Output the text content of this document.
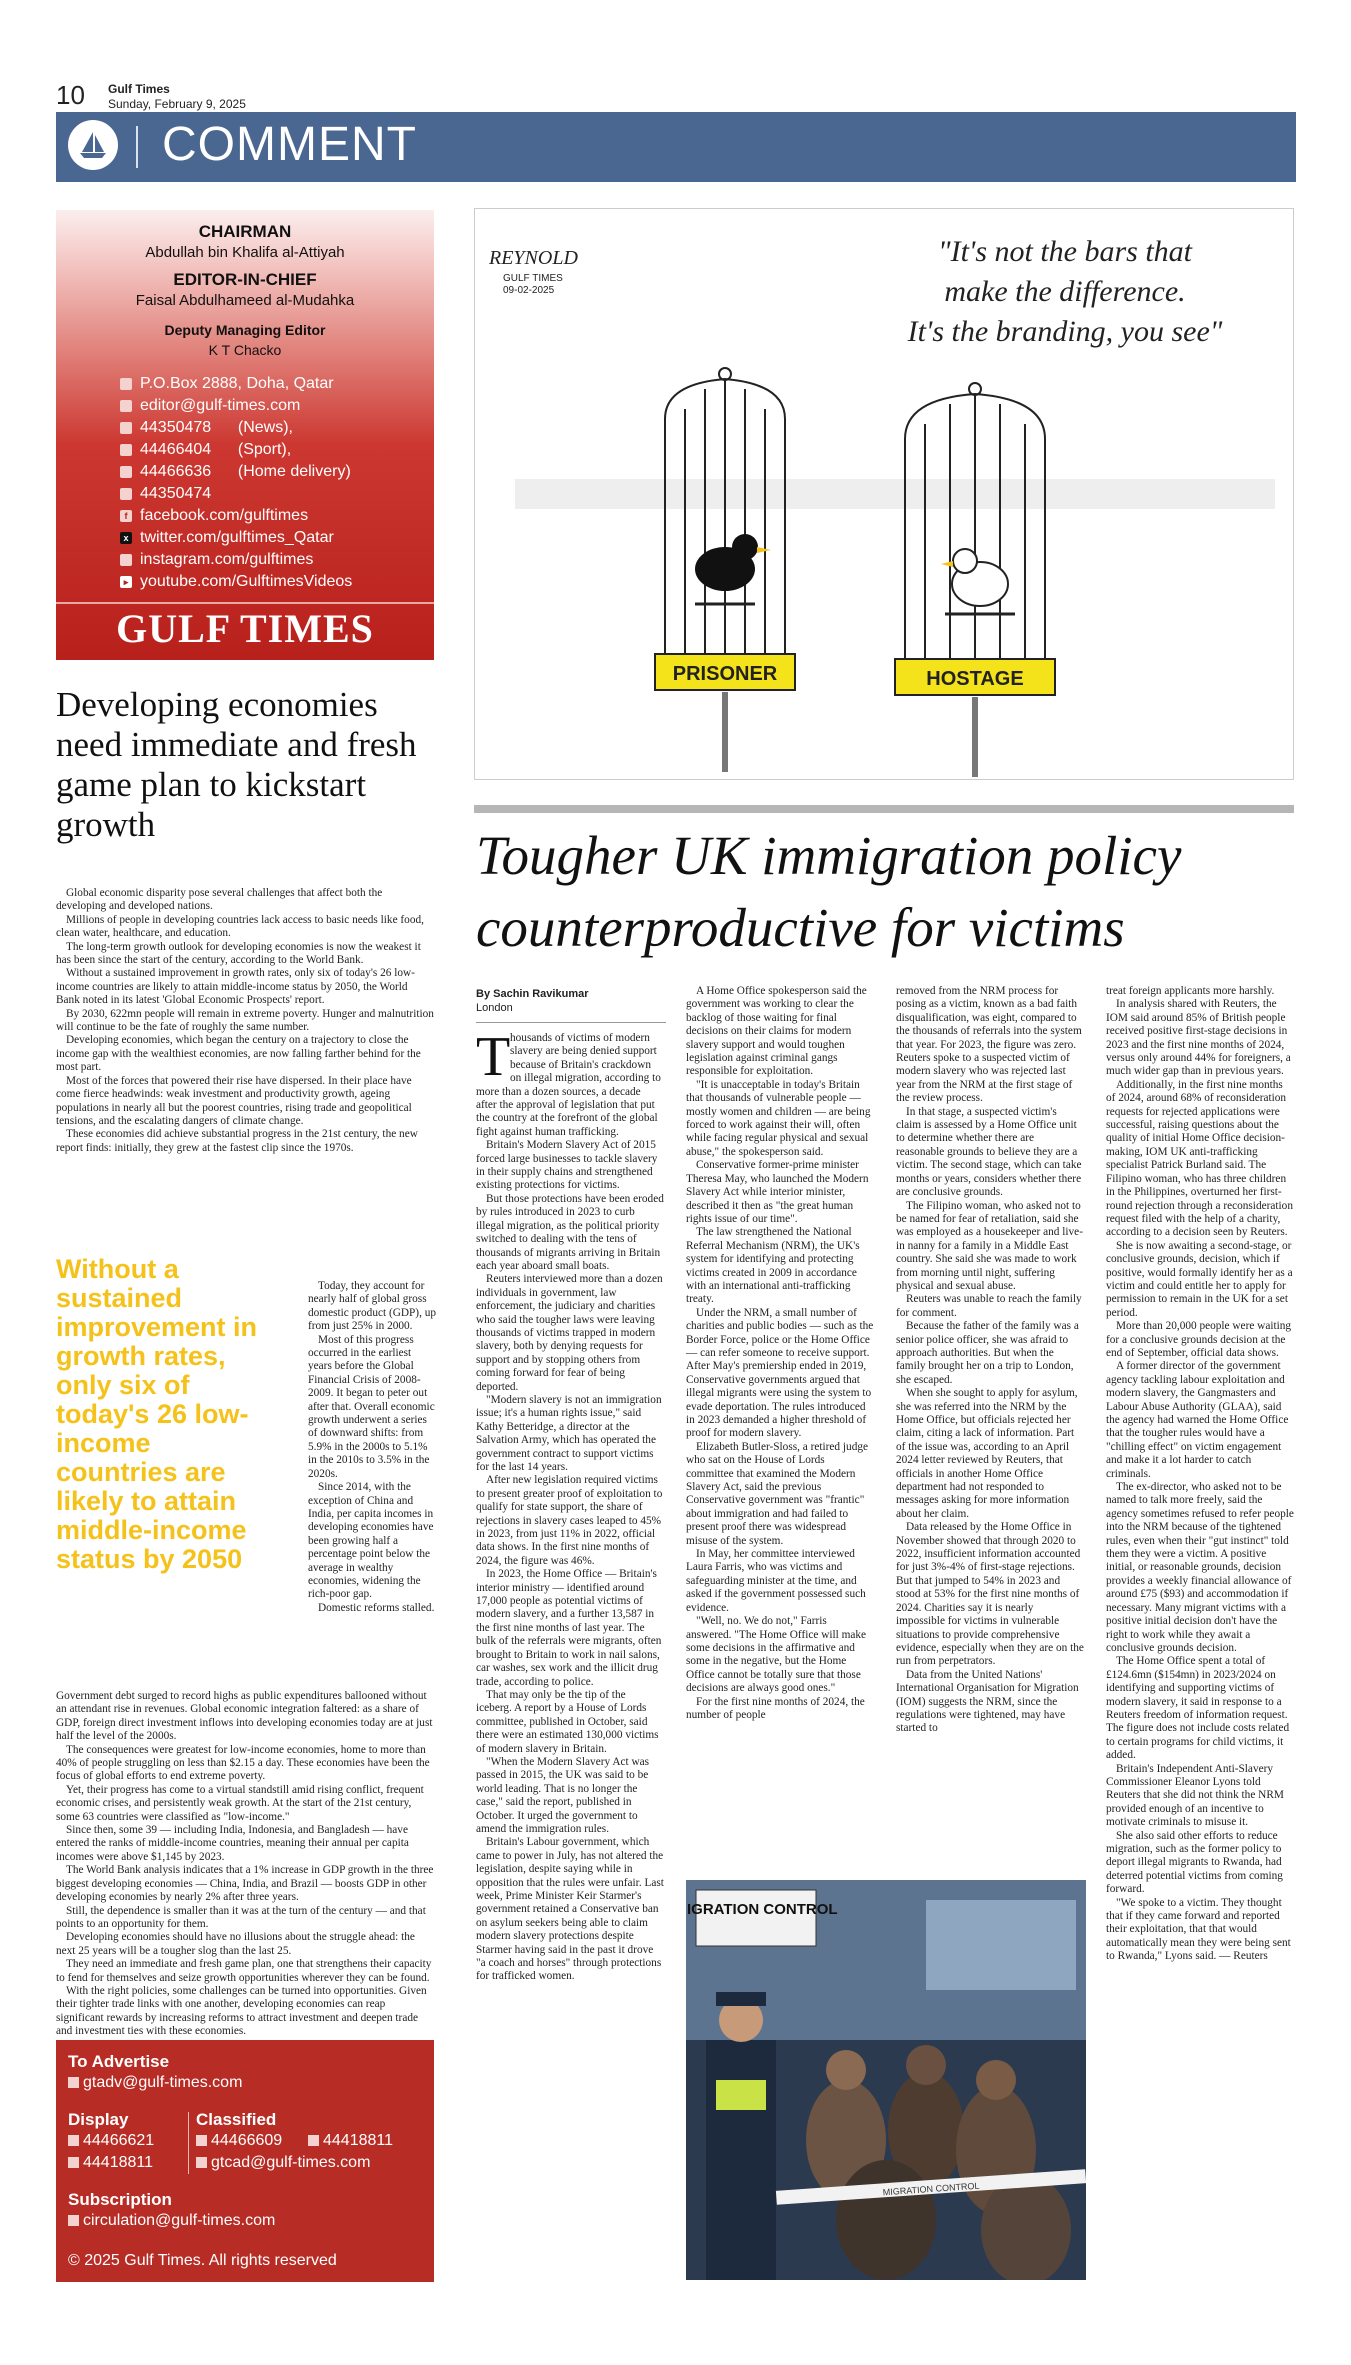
10 Gulf Times
Sunday, February 9, 2025
COMMENT
CHAIRMAN
Abdullah bin Khalifa al-Attiyah
EDITOR-IN-CHIEF
Faisal Abdulhameed al-Mudahka
Deputy Managing Editor
K T Chacko
P.O.Box 2888, Doha, Qatar
editor@gulf-times.com
44350478      (News),
44466404      (Sport),
44466636      (Home delivery)
44350474
f facebook.com/gulftimes
x twitter.com/gulftimes_Qatar
instagram.com/gulftimes
▸ youtube.com/GulftimesVideos
GULF TIMES
Developing economies need immediate and fresh game plan to kickstart growth

Global economic disparity pose several challenges that affect both the developing and developed nations.

Millions of people in developing countries lack access to basic needs like food, clean water, healthcare, and education.

The long-term growth outlook for developing economies is now the weakest it has been since the start of the century, according to the World Bank.

Without a sustained improvement in growth rates, only six of today's 26 low-income countries are likely to attain middle-income status by 2050, the World Bank noted in its latest 'Global Economic Prospects' report.

By 2030, 622mn people will remain in extreme poverty. Hunger and malnutrition will continue to be the fate of roughly the same number.

Developing economies, which began the century on a trajectory to close the income gap with the wealthiest economies, are now falling farther behind for the most part.

Most of the forces that powered their rise have dispersed. In their place have come fierce headwinds: weak investment and productivity growth, ageing populations in nearly all but the poorest countries, rising trade and geopolitical tensions, and the escalating dangers of climate change.

These economies did achieve substantial progress in the 21st century, the new report finds: initially, they grew at the fastest clip since the 1970s.

Without a sustained improvement in growth rates, only six of today's 26 low-income countries are likely to attain middle-income status by 2050

Today, they account for nearly half of global gross domestic product (GDP), up from just 25% in 2000.

Most of this progress occurred in the earliest years before the Global Financial Crisis of 2008-2009. It began to peter out after that. Overall economic growth underwent a series of downward shifts: from 5.9% in the 2000s to 5.1% in the 2010s to 3.5% in the 2020s.

Since 2014, with the exception of China and India, per capita incomes in developing economies have been growing half a percentage point below the average in wealthy economies, widening the rich-poor gap.

Domestic reforms stalled.

Government debt surged to record highs as public expenditures ballooned without an attendant rise in revenues. Global economic integration faltered: as a share of GDP, foreign direct investment inflows into developing economies today are at just half the level of the 2000s.

The consequences were greatest for low-income economies, home to more than 40% of people struggling on less than $2.15 a day. These economies have been the focus of global efforts to end extreme poverty.

Yet, their progress has come to a virtual standstill amid rising conflict, frequent economic crises, and persistently weak growth. At the start of the 21st century, some 63 countries were classified as "low-income."

Since then, some 39 — including India, Indonesia, and Bangladesh — have entered the ranks of middle-income countries, meaning their annual per capita incomes were above $1,145 by 2023.

The World Bank analysis indicates that a 1% increase in GDP growth in the three biggest developing economies — China, India, and Brazil — boosts GDP in other developing economies by nearly 2% after three years.

Still, the dependence is smaller than it was at the turn of the century — and that points to an opportunity for them.

Developing economies should have no illusions about the struggle ahead: the next 25 years will be a tougher slog than the last 25.

They need an immediate and fresh game plan, one that strengthens their capacity to fend for themselves and seize growth opportunities wherever they can be found.

With the right policies, some challenges can be turned into opportunities. Given their tighter trade links with one another, developing economies can reap significant rewards by increasing reforms to attract investment and deepen trade and investment ties with these economies.

To Advertise
gtadv@gulf-times.com
Display
44466621
44418811
Classified
44466609	44418811
gtcad@gulf-times.com
Subscription
circulation@gulf-times.com
© 2025 Gulf Times. All rights reserved
REYNOLD
GULF TIMES
09-02-2025
"It's not the bars that
make the difference.
It's the branding, you see"
PRISONER	HOSTAGE
Tougher UK immigration policy counterproductive for victims
By Sachin Ravikumar
London
T housands of victims of modern slavery are being denied support because of Britain's crackdown on illegal migration, according to more than a dozen sources, a decade after the approval of legislation that put the country at the forefront of the global fight against human trafficking.

Britain's Modern Slavery Act of 2015 forced large businesses to tackle slavery in their supply chains and strengthened existing protections for victims.

But those protections have been eroded by rules introduced in 2023 to curb illegal migration, as the political priority switched to dealing with the tens of thousands of migrants arriving in Britain each year aboard small boats.

Reuters interviewed more than a dozen individuals in government, law enforcement, the judiciary and charities who said the tougher laws were leaving thousands of victims trapped in modern slavery, both by denying requests for support and by stopping others from coming forward for fear of being deported.

"Modern slavery is not an immigration issue; it's a human rights issue," said Kathy Betteridge, a director at the Salvation Army, which has operated the government contract to support victims for the last 14 years.

After new legislation required victims to present greater proof of exploitation to qualify for state support, the share of rejections in slavery cases leaped to 45% in 2023, from just 11% in 2022, official data shows. In the first nine months of 2024, the figure was 46%.

In 2023, the Home Office — Britain's interior ministry — identified around 17,000 people as potential victims of modern slavery, and a further 13,587 in the first nine months of last year. The bulk of the referrals were migrants, often brought to Britain to work in nail salons, car washes, sex work and the illicit drug trade, according to police.

That may only be the tip of the iceberg. A report by a House of Lords committee, published in October, said there were an estimated 130,000 victims of modern slavery in Britain.

"When the Modern Slavery Act was passed in 2015, the UK was said to be world leading. That is no longer the case," said the report, published in October. It urged the government to amend the immigration rules.

Britain's Labour government, which came to power in July, has not altered the legislation, despite saying while in opposition that the rules were unfair. Last week, Prime Minister Keir Starmer's government retained a Conservative ban on asylum seekers being able to claim modern slavery protections despite Starmer having said in the past it drove "a coach and horses" through protections for trafficked women.

A Home Office spokesperson said the government was working to clear the backlog of those waiting for final decisions on their claims for modern slavery support and would toughen legislation against criminal gangs responsible for exploitation.

"It is unacceptable in today's Britain that thousands of vulnerable people — mostly women and children — are being forced to work against their will, often while facing regular physical and sexual abuse," the spokesperson said.

Conservative former-prime minister Theresa May, who launched the Modern Slavery Act while interior minister, described it then as "the great human rights issue of our time".

The law strengthened the National Referral Mechanism (NRM), the UK's system for identifying and protecting victims created in 2009 in accordance with an international anti-trafficking treaty.

Under the NRM, a small number of charities and public bodies — such as the Border Force, police or the Home Office — can refer someone to receive support. After May's premiership ended in 2019, Conservative governments argued that illegal migrants were using the system to evade deportation. The rules introduced in 2023 demanded a higher threshold of proof for modern slavery.

Elizabeth Butler-Sloss, a retired judge who sat on the House of Lords committee that examined the Modern Slavery Act, said the previous Conservative government was "frantic" about immigration and had failed to present proof there was widespread misuse of the system.

In May, her committee interviewed Laura Farris, who was victims and safeguarding minister at the time, and asked if the government possessed such evidence.

"Well, no. We do not," Farris answered. "The Home Office will make some decisions in the affirmative and some in the negative, but the Home Office cannot be totally sure that those decisions are always good ones."

For the first nine months of 2024, the number of people

removed from the NRM process for posing as a victim, known as a bad faith disqualification, was eight, compared to the thousands of referrals into the system that year. For 2023, the figure was zero. Reuters spoke to a suspected victim of modern slavery who was rejected last year from the NRM at the first stage of the review process.

In that stage, a suspected victim's claim is assessed by a Home Office unit to determine whether there are reasonable grounds to believe they are a victim. The second stage, which can take months or years, considers whether there are conclusive grounds.

The Filipino woman, who asked not to be named for fear of retaliation, said she was employed as a housekeeper and live-in nanny for a family in a Middle East country. She said she was made to work from morning until night, suffering physical and sexual abuse.

Reuters was unable to reach the family for comment.

Because the father of the family was a senior police officer, she was afraid to approach authorities. But when the family brought her on a trip to London, she escaped.

When she sought to apply for asylum, she was referred into the NRM by the Home Office, but officials rejected her claim, citing a lack of information. Part of the issue was, according to an April 2024 letter reviewed by Reuters, that officials in another Home Office department had not responded to messages asking for more information about her claim.

Data released by the Home Office in November showed that through 2020 to 2022, insufficient information accounted for just 3%-4% of first-stage rejections. But that jumped to 54% in 2023 and stood at 53% for the first nine months of 2024. Charities say it is nearly impossible for victims in vulnerable situations to provide comprehensive evidence, especially when they are on the run from perpetrators.

Data from the United Nations' International Organisation for Migration (IOM) suggests the NRM, since the regulations were tightened, may have started to

treat foreign applicants more harshly.

In analysis shared with Reuters, the IOM said around 85% of British people received positive first-stage decisions in 2023 and the first nine months of 2024, versus only around 44% for foreigners, a much wider gap than in previous years.

Additionally, in the first nine months of 2024, around 68% of reconsideration requests for rejected applications were successful, raising questions about the quality of initial Home Office decision-making, IOM UK anti-trafficking specialist Patrick Burland said. The Filipino woman, who has three children in the Philippines, overturned her first-round rejection through a reconsideration request filed with the help of a charity, according to a decision seen by Reuters.

She is now awaiting a second-stage, or conclusive grounds, decision, which if positive, would formally identify her as a victim and could entitle her to apply for permission to remain in the UK for a set period.

More than 20,000 people were waiting for a conclusive grounds decision at the end of September, official data shows.

A former director of the government agency tackling labour exploitation and modern slavery, the Gangmasters and Labour Abuse Authority (GLAA), said the agency had warned the Home Office that the tougher rules would have a "chilling effect" on victim engagement and make it a lot harder to catch criminals.

The ex-director, who asked not to be named to talk more freely, said the agency sometimes refused to refer people into the NRM because of the tightened rules, even when their "gut instinct" told them they were a victim. A positive initial, or reasonable grounds, decision provides a weekly financial allowance of around £75 ($93) and accommodation if necessary. Many migrant victims with a positive initial decision don't have the right to work while they await a conclusive grounds decision.

The Home Office spent a total of £124.6mn ($154mn) in 2023/2024 on identifying and supporting victims of modern slavery, it said in response to a Reuters freedom of information request. The figure does not include costs related to certain programs for child victims, it added.

Britain's Independent Anti-Slavery Commissioner Eleanor Lyons told Reuters that she did not think the NRM provided enough of an incentive to motivate criminals to misuse it.

She also said other efforts to reduce migration, such as the former policy to deport illegal migrants to Rwanda, had deterred potential victims from coming forward.

"We spoke to a victim. They thought that if they came forward and reported their exploitation, that that would automatically mean they were being sent to Rwanda," Lyons said. — Reuters

MIGRATION CONTROL
MIGRATION CONTROL
